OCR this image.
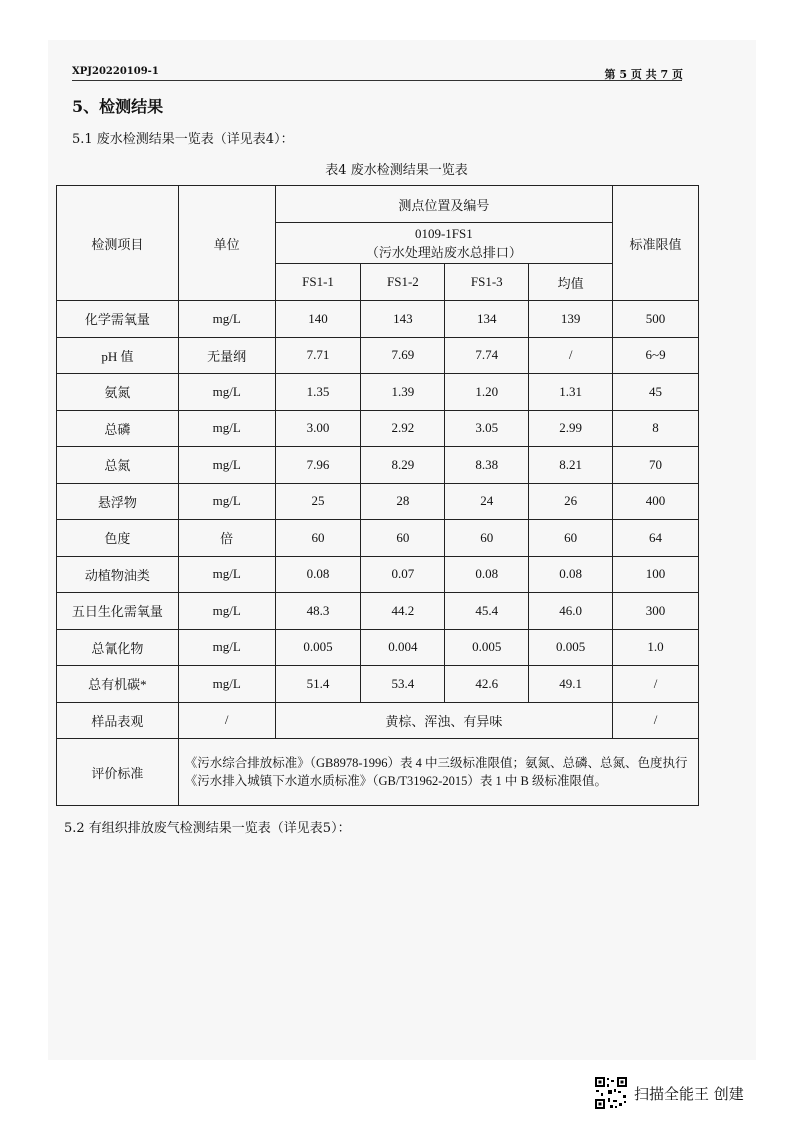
XPJ20220109-1	第 5 页 共 7 页
5、检测结果
5.1 废水检测结果一览表（详见表4）：
表4 废水检测结果一览表
检测项目	单位	测点位置及编号				标准限值

		0109-1FS1
（污水处理站废水总排口）				

		FS1-1	FS1-2	FS1-3	均值	
化学需氧量	mg/L	140	143	134	139	500
pH 值	无量纲	7.71	7.69	7.74	/	6~9
氨氮	mg/L	1.35	1.39	1.20	1.31	45
总磷	mg/L	3.00	2.92	3.05	2.99	8
总氮	mg/L	7.96	8.29	8.38	8.21	70
悬浮物	mg/L	25	28	24	26	400
色度	倍	60	60	60	60	64
动植物油类	mg/L	0.08	0.07	0.08	0.08	100
五日生化需氧量	mg/L	48.3	44.2	45.4	46.0	300
总氰化物	mg/L	0.005	0.004	0.005	0.005	1.0
总有机碳*	mg/L	51.4	53.4	42.6	49.1	/
样品表观	/	黄棕、浑浊、有异味				/
评价标准	《污水综合排放标准》（GB8978-1996）表 4 中三级标准限值；氨氮、总磷、总氮、色度执行《污水排入城镇下水道水质标准》（GB/T31962-2015）表 1 中 B 级标准限值。					
5.2 有组织排放废气检测结果一览表（详见表5）：
扫描全能王 创建
